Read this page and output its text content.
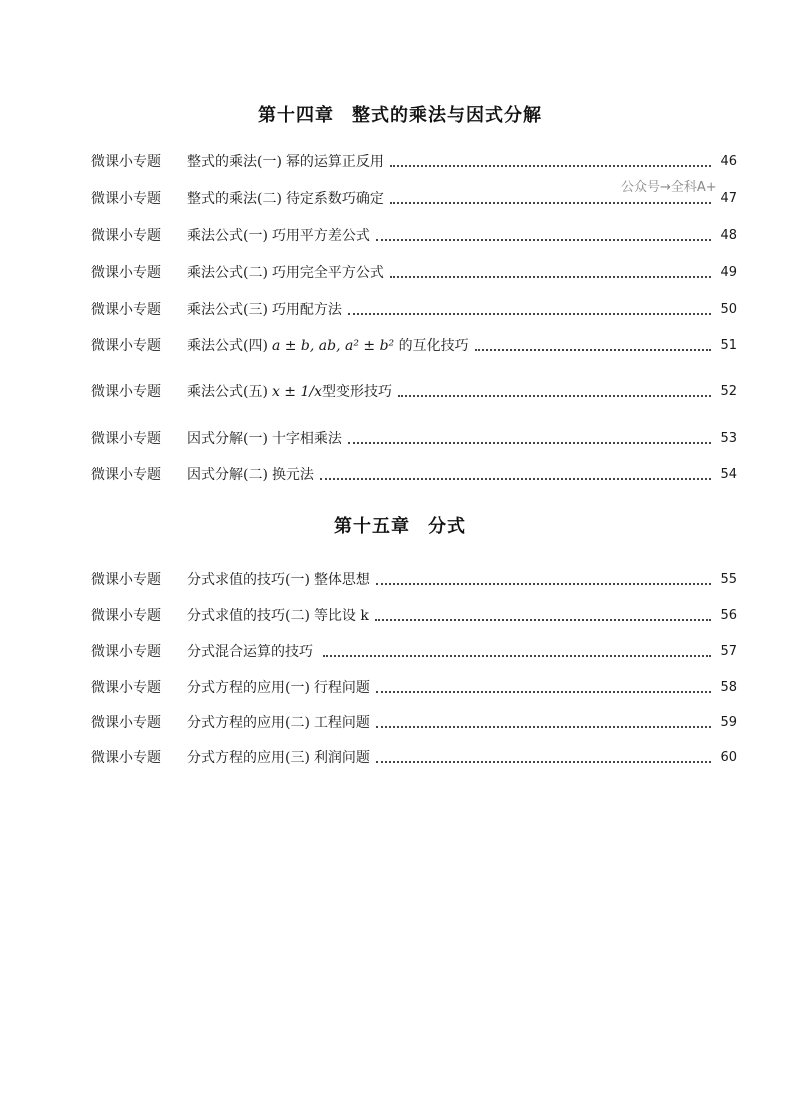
第十四章 整式的乘法与因式分解
微课小专题	整式的乘法(一) 幂的运算正反用	46
微课小专题	整式的乘法(二) 待定系数巧确定	47
微课小专题	乘法公式(一) 巧用平方差公式	48
微课小专题	乘法公式(二) 巧用完全平方公式	49
微课小专题	乘法公式(三) 巧用配方法	50
微课小专题	乘法公式(四) a ± b, ab, a² ± b² 的互化技巧	51
微课小专题	乘法公式(五) x ± 1/x型变形技巧	52
微课小专题	因式分解(一) 十字相乘法	53
微课小专题	因式分解(二) 换元法	54
公众号→全科A+
第十五章 分式
微课小专题	分式求值的技巧(一) 整体思想	55
微课小专题	分式求值的技巧(二) 等比设 k	56
微课小专题	分式混合运算的技巧	57
微课小专题	分式方程的应用(一) 行程问题	58
微课小专题	分式方程的应用(二) 工程问题	59
微课小专题	分式方程的应用(三) 利润问题	60
